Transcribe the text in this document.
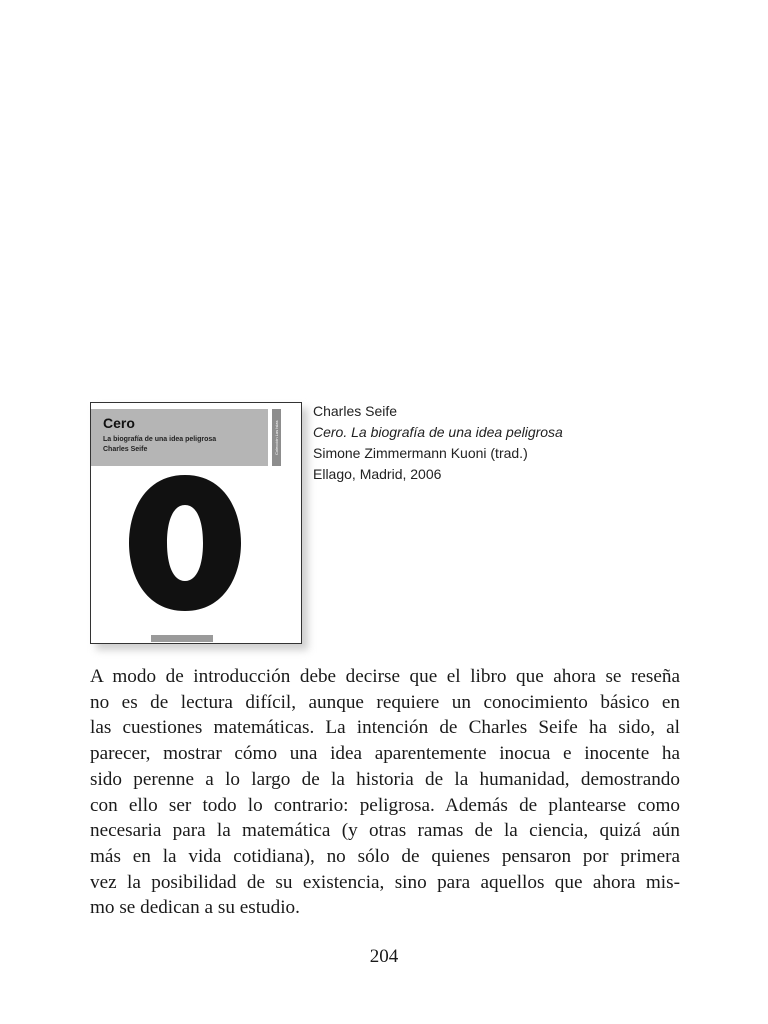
Cero
La biografía de una idea peligrosa
Charles Seife	Colección Las Islas
Charles Seife
Cero. La biografía de una idea peligrosa
Simone Zimmermann Kuoni (trad.)
Ellago, Madrid, 2006
A modo de introducción debe decirse que el libro que ahora se reseña
no es de lectura difícil, aunque requiere un conocimiento básico en
las cuestiones matemáticas. La intención de Charles Seife ha sido, al
parecer, mostrar cómo una idea aparentemente inocua e inocente ha
sido perenne a lo largo de la historia de la humanidad, demostrando
con ello ser todo lo contrario: peligrosa. Además de plantearse como
necesaria para la matemática (y otras ramas de la ciencia, quizá aún
más en la vida cotidiana), no sólo de quienes pensaron por primera
vez la posibilidad de su existencia, sino para aquellos que ahora mis-
mo se dedican a su estudio.
204
